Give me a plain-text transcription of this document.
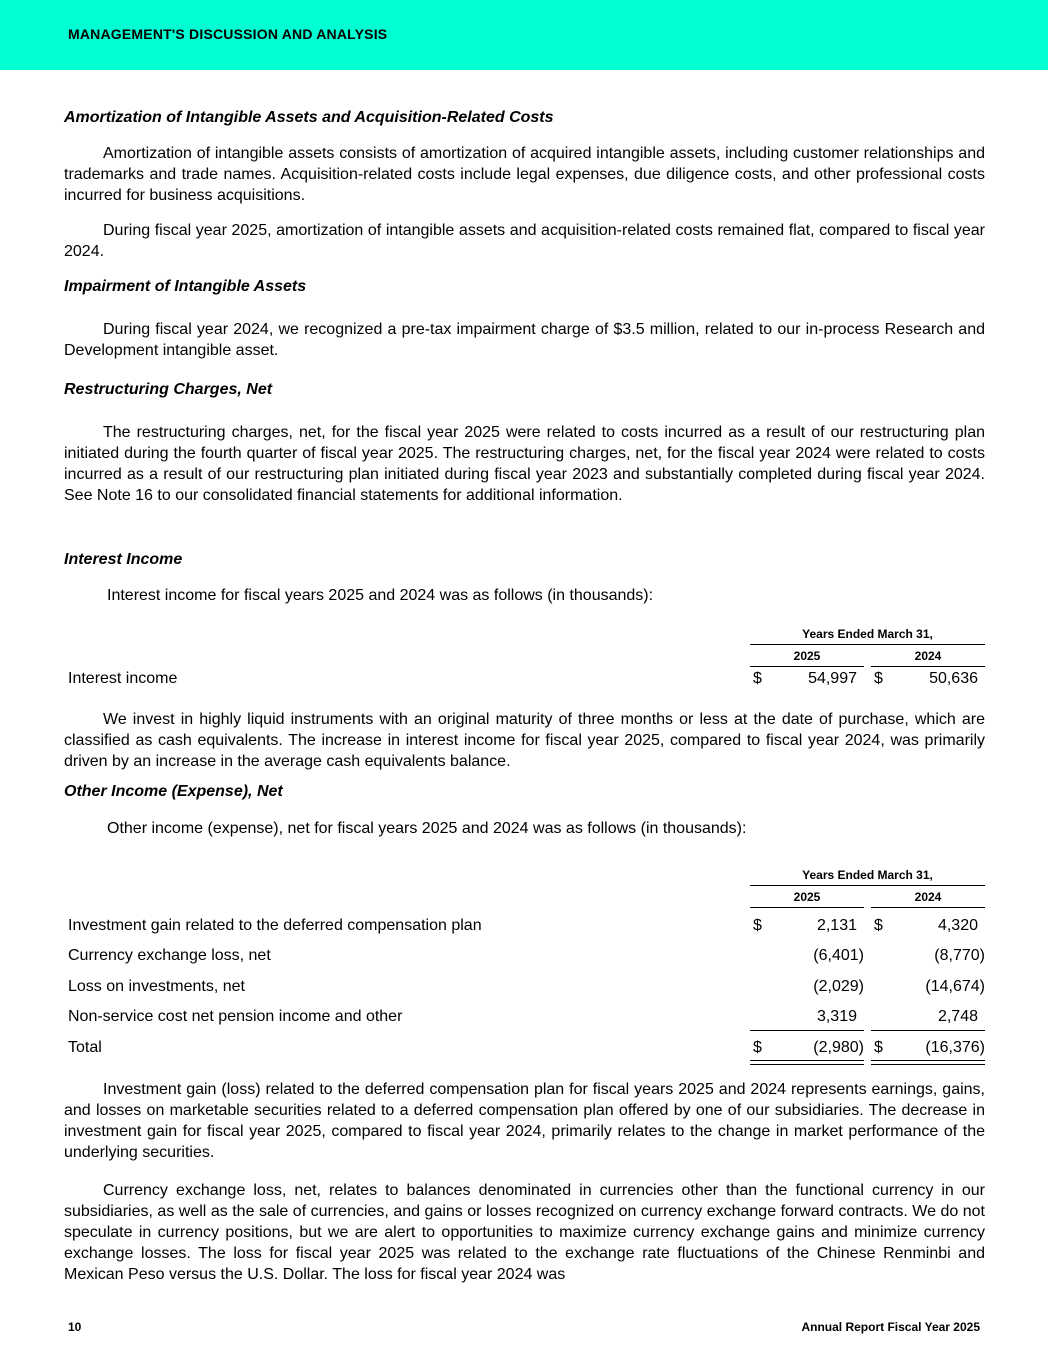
MANAGEMENT'S DISCUSSION AND ANALYSIS
Amortization of Intangible Assets and Acquisition-Related Costs
Amortization of intangible assets consists of amortization of acquired intangible assets, including customer relationships and trademarks and trade names. Acquisition-related costs include legal expenses, due diligence costs, and other professional costs incurred for business acquisitions.
During fiscal year 2025, amortization of intangible assets and acquisition-related costs remained flat, compared to fiscal year 2024.
Impairment of Intangible Assets
During fiscal year 2024, we recognized a pre-tax impairment charge of $3.5 million, related to our in-process Research and Development intangible asset.
Restructuring Charges, Net
The restructuring charges, net, for the fiscal year 2025 were related to costs incurred as a result of our restructuring plan initiated during the fourth quarter of fiscal year 2025. The restructuring charges, net, for the fiscal year 2024 were related to costs incurred as a result of our restructuring plan initiated during fiscal year 2023 and substantially completed during fiscal year 2024. See Note 16 to our consolidated financial statements for additional information.
Interest Income
Interest income for fiscal years 2025 and 2024 was as follows (in thousands):
Years Ended March 31,
2025	2024
Interest income	$	54,997 $	50,636
We invest in highly liquid instruments with an original maturity of three months or less at the date of purchase, which are classified as cash equivalents. The increase in interest income for fiscal year 2025, compared to fiscal year 2024, was primarily driven by an increase in the average cash equivalents balance.
Other Income (Expense), Net
Other income (expense), net for fiscal years 2025 and 2024 was as follows (in thousands):
Years Ended March 31,
2025	2024
Investment gain related to the deferred compensation plan	$	2,131 $	4,320
Currency exchange loss, net	(6,401)	(8,770)
Loss on investments, net	(2,029)	(14,674)
Non-service cost net pension income and other	3,319	2,748
Total	$	(2,980) $	(16,376)
Investment gain (loss) related to the deferred compensation plan for fiscal years 2025 and 2024 represents earnings, gains, and losses on marketable securities related to a deferred compensation plan offered by one of our subsidiaries. The decrease in investment gain for fiscal year 2025, compared to fiscal year 2024, primarily relates to the change in market performance of the underlying securities.
Currency exchange loss, net, relates to balances denominated in currencies other than the functional currency in our subsidiaries, as well as the sale of currencies, and gains or losses recognized on currency exchange forward contracts. We do not speculate in currency positions, but we are alert to opportunities to maximize currency exchange gains and minimize currency exchange losses. The loss for fiscal year 2025 was related to the exchange rate fluctuations of the Chinese Renminbi and Mexican Peso versus the U.S. Dollar. The loss for fiscal year 2024 was
10	Annual Report Fiscal Year 2025
